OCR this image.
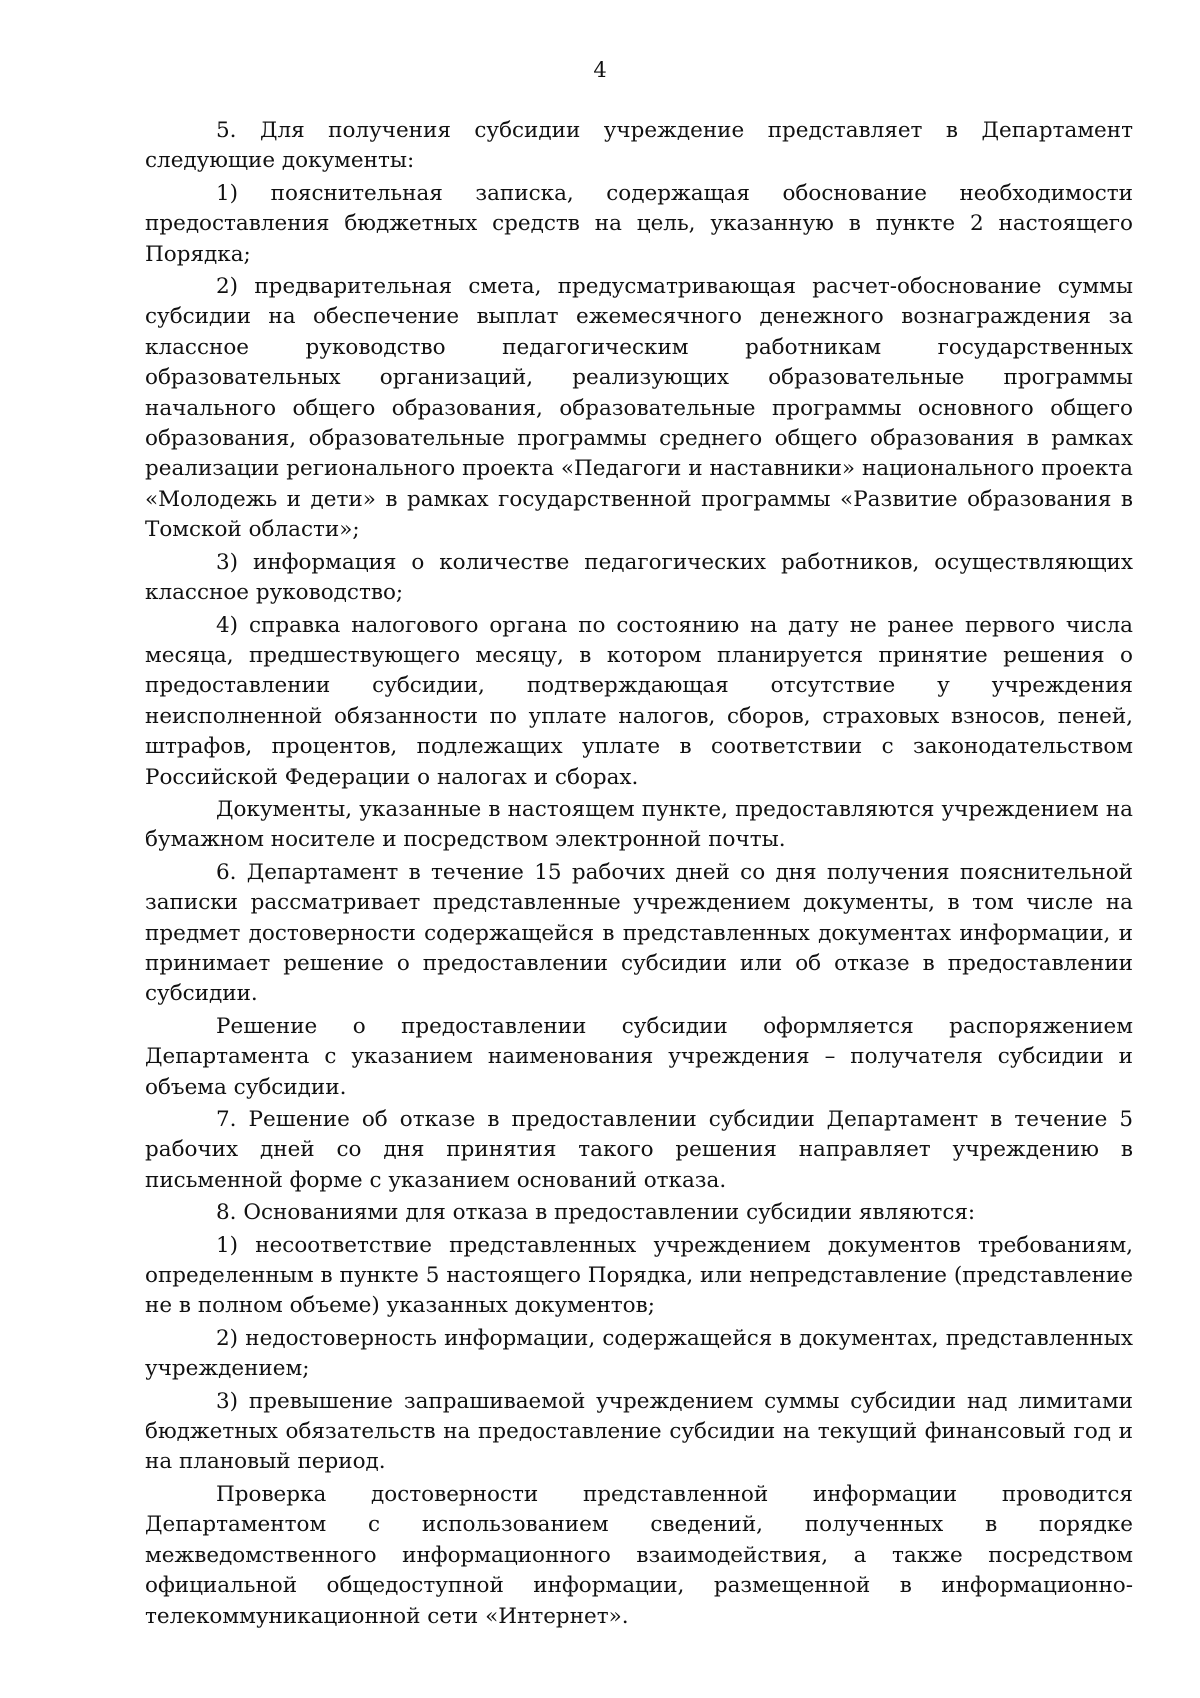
4

5. Для получения субсидии учреждение представляет в Департамент следующие документы:

1) пояснительная записка, содержащая обоснование необходимости предоставления бюджетных средств на цель, указанную в пункте 2 настоящего Порядка;

2) предварительная смета, предусматривающая расчет-обоснование суммы субсидии на обеспечение выплат ежемесячного денежного вознаграждения за классное руководство педагогическим работникам государственных образовательных организаций, реализующих образовательные программы начального общего образования, образовательные программы основного общего образования, образовательные программы среднего общего образования в рамках реализации регионального проекта «Педагоги и наставники» национального проекта «Молодежь и дети» в рамках государственной программы «Развитие образования в Томской области»;

3) информация о количестве педагогических работников, осуществляющих классное руководство;

4) справка налогового органа по состоянию на дату не ранее первого числа месяца, предшествующего месяцу, в котором планируется принятие решения о предоставлении субсидии, подтверждающая отсутствие у учреждения неисполненной обязанности по уплате налогов, сборов, страховых взносов, пеней, штрафов, процентов, подлежащих уплате в соответствии с законодательством Российской Федерации о налогах и сборах.

Документы, указанные в настоящем пункте, предоставляются учреждением на бумажном носителе и посредством электронной почты.

6. Департамент в течение 15 рабочих дней со дня получения пояснительной записки рассматривает представленные учреждением документы, в том числе на предмет достоверности содержащейся в представленных документах информации, и принимает решение о предоставлении субсидии или об отказе в предоставлении субсидии.

Решение о предоставлении субсидии оформляется распоряжением Департамента с указанием наименования учреждения – получателя субсидии и объема субсидии.

7. Решение об отказе в предоставлении субсидии Департамент в течение 5 рабочих дней со дня принятия такого решения направляет учреждению в письменной форме с указанием оснований отказа.

8. Основаниями для отказа в предоставлении субсидии являются:

1) несоответствие представленных учреждением документов требованиям, определенным в пункте 5 настоящего Порядка, или непредставление (представление не в полном объеме) указанных документов;

2) недостоверность информации, содержащейся в документах, представленных учреждением;

3) превышение запрашиваемой учреждением суммы субсидии над лимитами бюджетных обязательств на предоставление субсидии на текущий финансовый год и на плановый период.

Проверка достоверности представленной информации проводится Департаментом с использованием сведений, полученных в порядке межведомственного информационного взаимодействия, а также посредством официальной общедоступной информации, размещенной в информационно-телекоммуникационной сети «Интернет».
